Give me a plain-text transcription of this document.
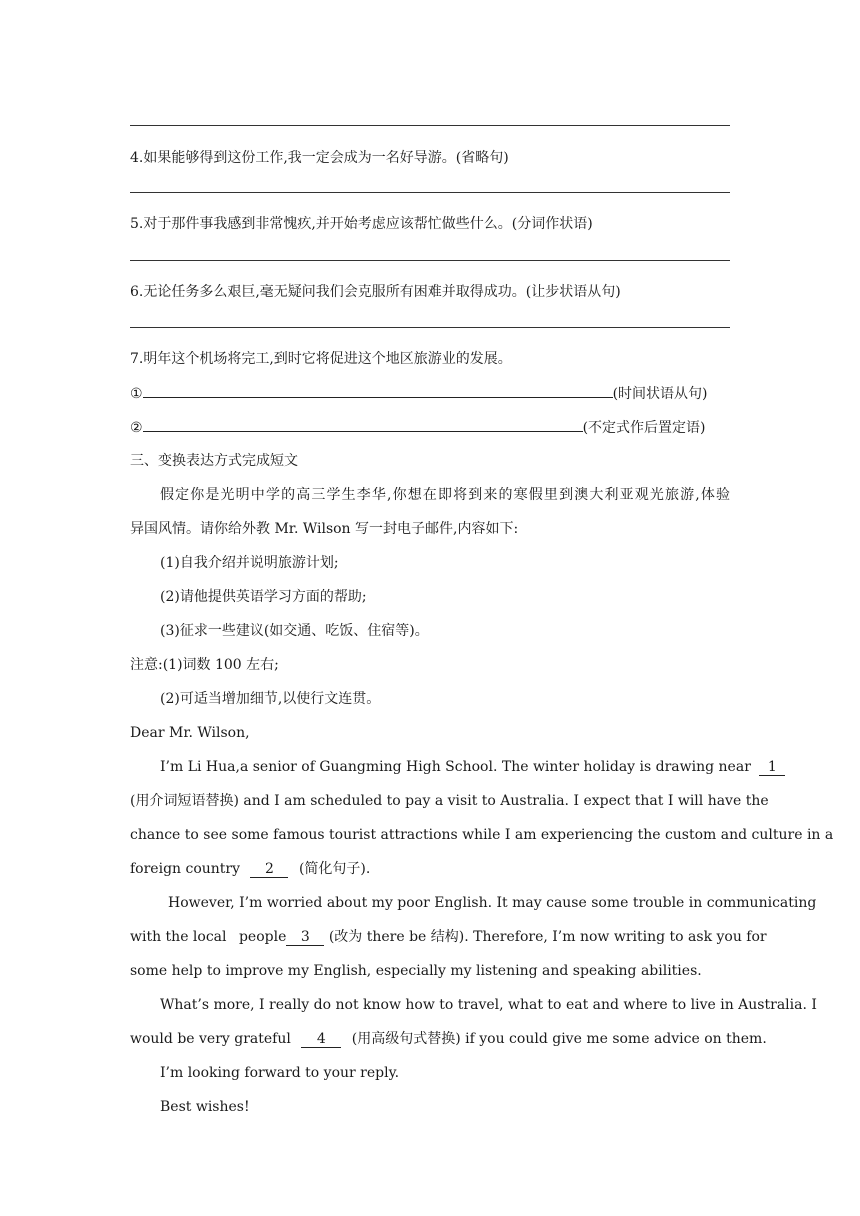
4.如果能够得到这份工作,我一定会成为一名好导游。(省略句)
5.对于那件事我感到非常愧疚,并开始考虑应该帮忙做些什么。(分词作状语)
6.无论任务多么艰巨,毫无疑问我们会克服所有困难并取得成功。(让步状语从句)
7.明年这个机场将完工,到时它将促进这个地区旅游业的发展。
①	(时间状语从句)
②	(不定式作后置定语)
三、变换表达方式完成短文
假定你是光明中学的高三学生李华,你想在即将到来的寒假里到澳大利亚观光旅游,体验
异国风情。请你给外教 Mr. Wilson 写一封电子邮件,内容如下:
(1)自我介绍并说明旅游计划;
(2)请他提供英语学习方面的帮助;
(3)征求一些建议(如交通、吃饭、住宿等)。
注意:(1)词数 100 左右;
(2)可适当增加细节,以使行文连贯。
Dear Mr. Wilson,
I’m Li Hua,a senior of Guangming High School. The winter holiday is drawing near 1
(用介词短语替换) and I am scheduled to pay a visit to Australia. I expect that I will have the
chance to see some famous tourist attractions while I am experiencing the custom and culture in a
foreign country 2 (简化句子).
However, I’m worried about my poor English. It may cause some trouble in communicating
with the local people 3 (改为 there be 结构). Therefore, I’m now writing to ask you for
some help to improve my English, especially my listening and speaking abilities.
What’s more, I really do not know how to travel, what to eat and where to live in Australia. I
would be very grateful 4 (用高级句式替换) if you could give me some advice on them.
I’m looking forward to your reply.
Best wishes!
